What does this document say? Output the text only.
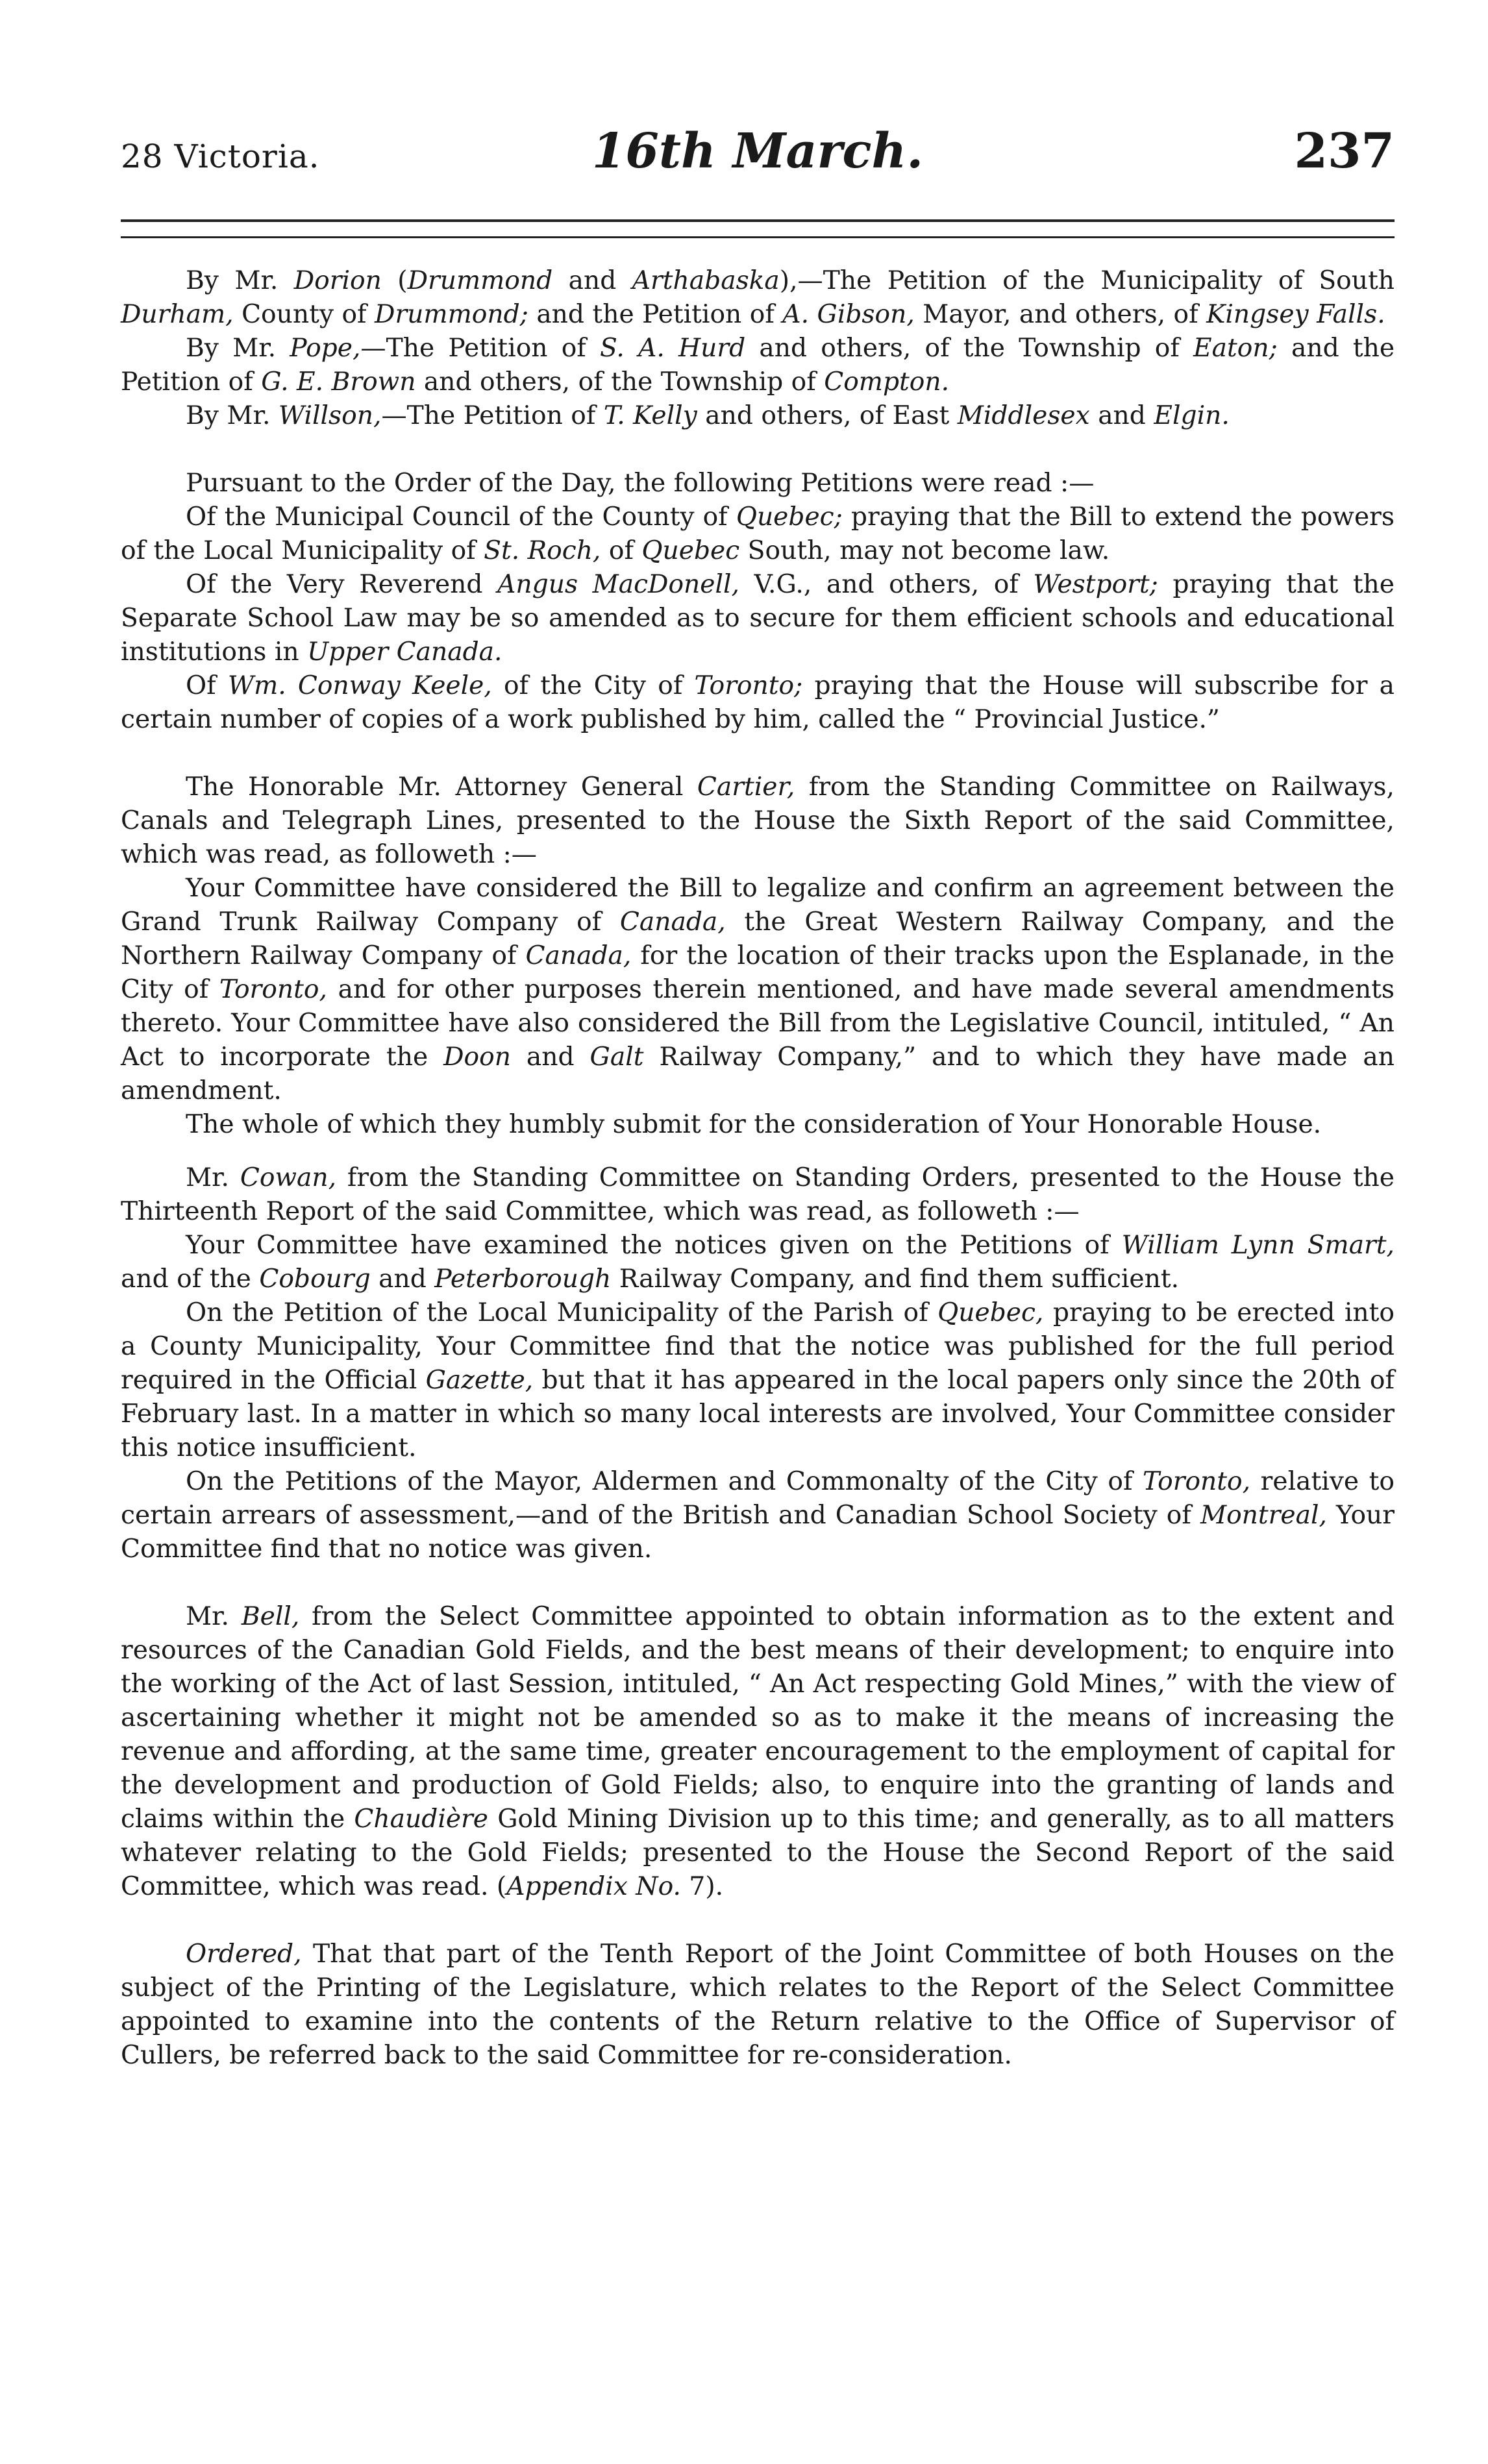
28 Victoria.	16th March.	237

By Mr. Dorion (Drummond and Arthabaska),—The Petition of the Municipality of South Durham, County of Drummond; and the Petition of A. Gibson, Mayor, and others, of Kingsey Falls.

By Mr. Pope,—The Petition of S. A. Hurd and others, of the Township of Eaton; and the Petition of G. E. Brown and others, of the Township of Compton.

By Mr. Willson,—The Petition of T. Kelly and others, of East Middlesex and Elgin.

Pursuant to the Order of the Day, the following Petitions were read :—

Of the Municipal Council of the County of Quebec; praying that the Bill to extend the powers of the Local Municipality of St. Roch, of Quebec South, may not become law.

Of the Very Reverend Angus MacDonell, V.G., and others, of Westport; praying that the Separate School Law may be so amended as to secure for them efficient schools and educational institutions in Upper Canada.

Of Wm. Conway Keele, of the City of Toronto; praying that the House will subscribe for a certain number of copies of a work published by him, called the “ Provincial Justice.”

The Honorable Mr. Attorney General Cartier, from the Standing Committee on Railways, Canals and Telegraph Lines, presented to the House the Sixth Report of the said Committee, which was read, as followeth :—

Your Committee have considered the Bill to legalize and confirm an agreement between the Grand Trunk Railway Company of Canada, the Great Western Railway Company, and the Northern Railway Company of Canada, for the location of their tracks upon the Esplanade, in the City of Toronto, and for other purposes therein mentioned, and have made several amendments thereto. Your Committee have also considered the Bill from the Legislative Council, intituled, “ An Act to incorporate the Doon and Galt Railway Company,” and to which they have made an amendment.

The whole of which they humbly submit for the consideration of Your Honorable House.

Mr. Cowan, from the Standing Committee on Standing Orders, presented to the House the Thirteenth Report of the said Committee, which was read, as followeth :—

Your Committee have examined the notices given on the Petitions of William Lynn Smart, and of the Cobourg and Peterborough Railway Company, and find them sufficient.

On the Petition of the Local Municipality of the Parish of Quebec, praying to be erected into a County Municipality, Your Committee find that the notice was published for the full period required in the Official Gazette, but that it has appeared in the local papers only since the 20th of February last. In a matter in which so many local interests are involved, Your Committee consider this notice insufficient.

On the Petitions of the Mayor, Aldermen and Commonalty of the City of Toronto, relative to certain arrears of assessment,—and of the British and Canadian School Society of Montreal, Your Committee find that no notice was given.

Mr. Bell, from the Select Committee appointed to obtain information as to the extent and resources of the Canadian Gold Fields, and the best means of their development; to enquire into the working of the Act of last Session, intituled, “ An Act respecting Gold Mines,” with the view of ascertaining whether it might not be amended so as to make it the means of increasing the revenue and affording, at the same time, greater encouragement to the employment of capital for the development and production of Gold Fields; also, to enquire into the granting of lands and claims within the Chaudière Gold Mining Division up to this time; and generally, as to all matters whatever relating to the Gold Fields; presented to the House the Second Report of the said Committee, which was read. (Appendix No. 7).

Ordered, That that part of the Tenth Report of the Joint Committee of both Houses on the subject of the Printing of the Legislature, which relates to the Report of the Select Committee appointed to examine into the contents of the Return relative to the Office of Supervisor of Cullers, be referred back to the said Committee for re-consideration.
